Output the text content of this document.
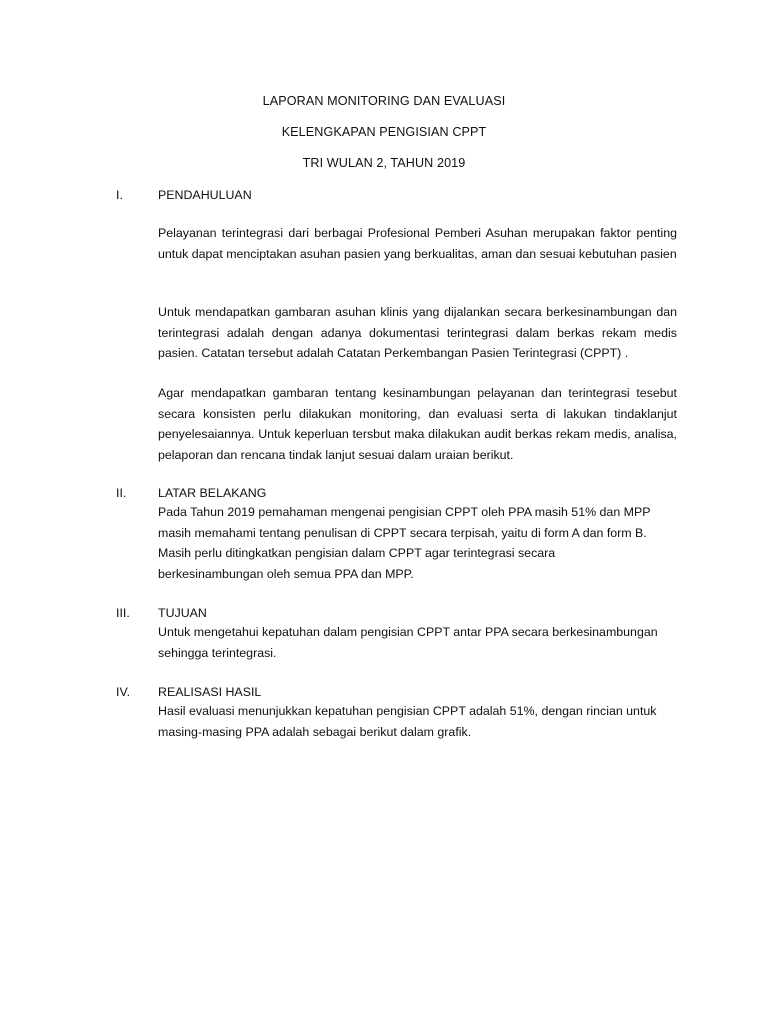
LAPORAN MONITORING DAN EVALUASI
KELENGKAPAN PENGISIAN CPPT
TRI WULAN 2, TAHUN 2019
I.	PENDAHULUAN

Pelayanan terintegrasi dari berbagai Profesional Pemberi Asuhan merupakan faktor penting untuk dapat menciptakan asuhan pasien yang berkualitas, aman dan sesuai kebutuhan pasien

Untuk mendapatkan gambaran asuhan klinis yang dijalankan secara berkesinambungan dan terintegrasi adalah dengan adanya dokumentasi terintegrasi dalam berkas rekam medis pasien. Catatan tersebut adalah Catatan Perkembangan Pasien Terintegrasi (CPPT) .

Agar mendapatkan gambaran tentang kesinambungan pelayanan dan terintegrasi tesebut secara konsisten perlu dilakukan monitoring, dan evaluasi serta di lakukan tindaklanjut penyelesaiannya. Untuk keperluan tersbut maka dilakukan audit berkas rekam medis, analisa, pelaporan dan rencana tindak lanjut sesuai dalam uraian berikut.

II.	LATAR BELAKANG

Pada Tahun 2019 pemahaman mengenai pengisian CPPT oleh PPA masih 51% dan MPP masih memahami tentang penulisan di CPPT secara terpisah, yaitu di form A dan form B. Masih perlu ditingkatkan pengisian dalam CPPT agar terintegrasi secara berkesinambungan oleh semua PPA dan MPP.

III. TUJUAN

Untuk mengetahui kepatuhan dalam pengisian CPPT antar PPA secara berkesinambungan sehingga terintegrasi.

IV. REALISASI HASIL

Hasil evaluasi menunjukkan kepatuhan pengisian CPPT adalah 51%, dengan rincian untuk masing-masing PPA adalah sebagai berikut dalam grafik.
